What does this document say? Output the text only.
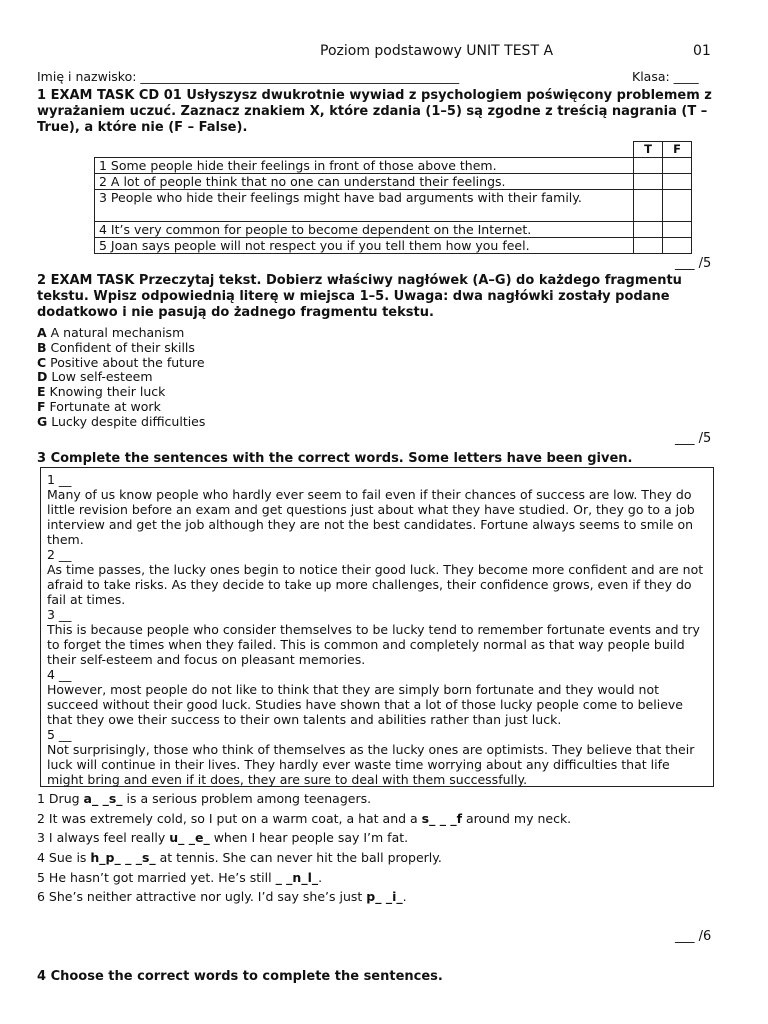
Poziom podstawowy UNIT TEST A	01
Imię i nazwisko: ___________________________________________________	Klasa: ____
1 EXAM TASK CD 01 Usłyszysz dwukrotnie wywiad z psychologiem poświęcony problemem z wyrażaniem uczuć. Zaznacz znakiem X, które zdania (1–5) są zgodne z treścią nagrania (T – True), a które nie (F – False).
	T	F
1 Some people hide their feelings in front of those above them.		
2 A lot of people think that no one can understand their feelings.		
3 People who hide their feelings might have bad arguments with their family.		
4 It’s very common for people to become dependent on the Internet.		
5 Joan says people will not respect you if you tell them how you feel.		
___ /5
2 EXAM TASK Przeczytaj tekst. Dobierz właściwy nagłówek (A–G) do każdego fragmentu tekstu. Wpisz odpowiednią literę w miejsca 1–5. Uwaga: dwa nagłówki zostały podane dodatkowo i nie pasują do żadnego fragmentu tekstu.
A A natural mechanism
B Confident of their skills
C Positive about the future
D Low self-esteem
E Knowing their luck
F Fortunate at work
G Lucky despite difficulties
___ /5
3 Complete the sentences with the correct words. Some letters have been given.
1 __
Many of us know people who hardly ever seem to fail even if their chances of success are low. They do little revision before an exam and get questions just about what they have studied. Or, they go to a job interview and get the job although they are not the best candidates. Fortune always seems to smile on them.
2 __
As time passes, the lucky ones begin to notice their good luck. They become more confident and are not afraid to take risks. As they decide to take up more challenges, their confidence grows, even if they do fail at times.
3 __
This is because people who consider themselves to be lucky tend to remember fortunate events and try to forget the times when they failed. This is common and completely normal as that way people build their self-esteem and focus on pleasant memories.
4 __
However, most people do not like to think that they are simply born fortunate and they would not succeed without their good luck. Studies have shown that a lot of those lucky people come to believe that they owe their success to their own talents and abilities rather than just luck.
5 __
Not surprisingly, those who think of themselves as the lucky ones are optimists. They believe that their luck will continue in their lives. They hardly ever waste time worrying about any difficulties that life might bring and even if it does, they are sure to deal with them successfully.
1 Drug a_ _s_ is a serious problem among teenagers.
2 It was extremely cold, so I put on a warm coat, a hat and a s_ _ _f around my neck.
3 I always feel really u_ _e_ when I hear people say I’m fat.
4 Sue is h_p_ _ _s_ at tennis. She can never hit the ball properly.
5 He hasn’t got married yet. He’s still _ _n_l_.
6 She’s neither attractive nor ugly. I’d say she’s just p_ _i_.
___ /6
4 Choose the correct words to complete the sentences.
